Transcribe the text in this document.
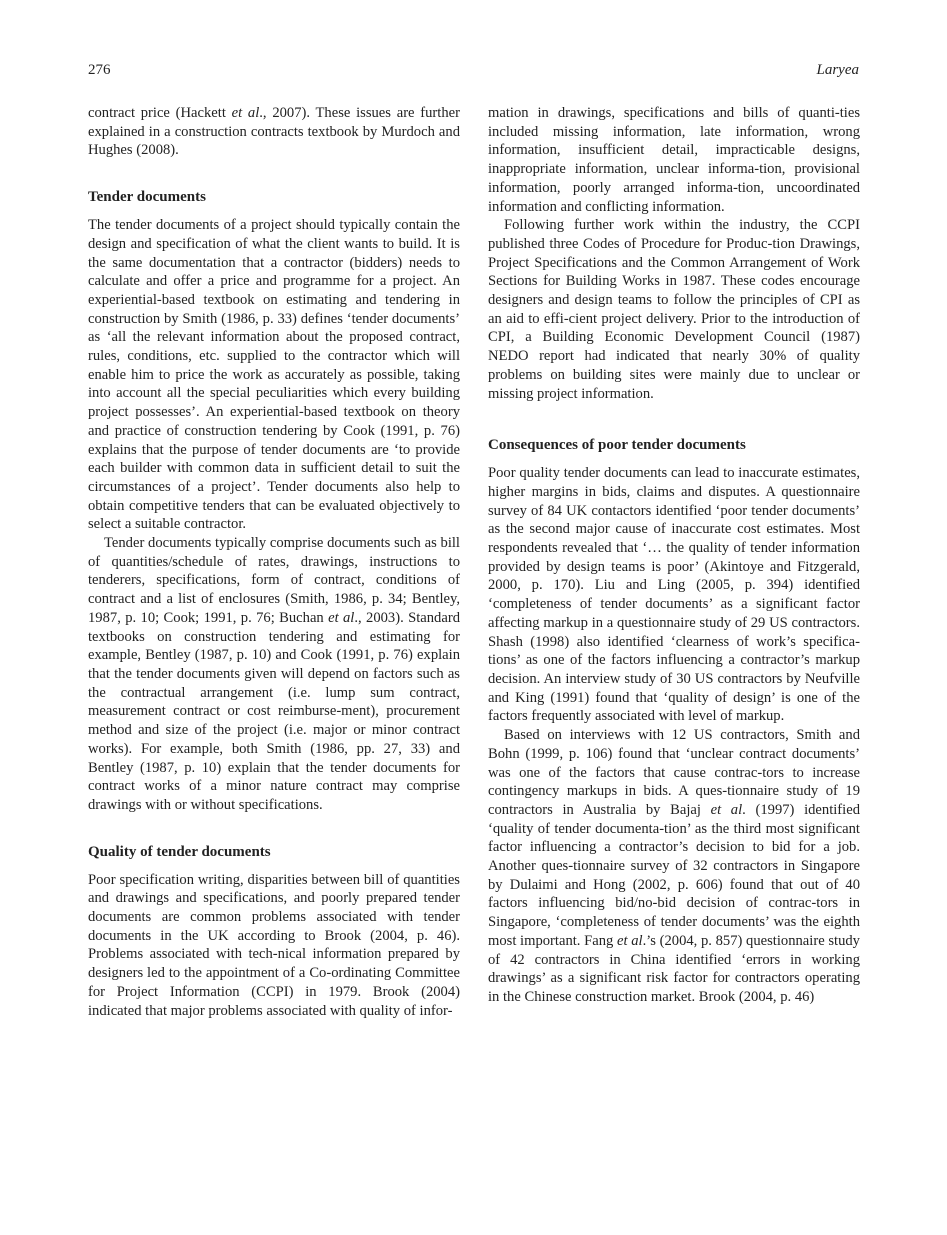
276	Laryea

contract price (Hackett et al., 2007). These issues are further explained in a construction contracts textbook by Murdoch and Hughes (2008).

Tender documents

The tender documents of a project should typically contain the design and specification of what the client wants to build. It is the same documentation that a contractor (bidders) needs to calculate and offer a price and programme for a project. An experiential-based textbook on estimating and tendering in construction by Smith (1986, p. 33) defines ‘tender documents’ as ‘all the relevant information about the proposed contract, rules, conditions, etc. supplied to the contractor which will enable him to price the work as accurately as possible, taking into account all the special peculiarities which every building project possesses’. An experiential-based textbook on theory and practice of construction tendering by Cook (1991, p. 76) explains that the purpose of tender documents are ‘to provide each builder with common data in sufficient detail to suit the circumstances of a project’. Tender documents also help to obtain competitive tenders that can be evaluated objectively to select a suitable contractor.

Tender documents typically comprise documents such as bill of quantities/schedule of rates, drawings, instructions to tenderers, specifications, form of contract, conditions of contract and a list of enclosures (Smith, 1986, p. 34; Bentley, 1987, p. 10; Cook; 1991, p. 76; Buchan et al., 2003). Standard textbooks on construction tendering and estimating for example, Bentley (1987, p. 10) and Cook (1991, p. 76) explain that the tender documents given will depend on factors such as the contractual arrangement (i.e. lump sum contract, measurement contract or cost reimburse-ment), procurement method and size of the project (i.e. major or minor contract works). For example, both Smith (1986, pp. 27, 33) and Bentley (1987, p. 10) explain that the tender documents for contract works of a minor nature contract may comprise drawings with or without specifications.

Quality of tender documents

Poor specification writing, disparities between bill of quantities and drawings and specifications, and poorly prepared tender documents are common problems associated with tender documents in the UK according to Brook (2004, p. 46). Problems associated with tech-nical information prepared by designers led to the appointment of a Co-ordinating Committee for Project Information (CCPI) in 1979. Brook (2004) indicated that major problems associated with quality of infor-

mation in drawings, specifications and bills of quanti-ties included missing information, late information, wrong information, insufficient detail, impracticable designs, inappropriate information, unclear informa-tion, provisional information, poorly arranged informa-tion, uncoordinated information and conflicting information.

Following further work within the industry, the CCPI published three Codes of Procedure for Produc-tion Drawings, Project Specifications and the Common Arrangement of Work Sections for Building Works in 1987. These codes encourage designers and design teams to follow the principles of CPI as an aid to effi-cient project delivery. Prior to the introduction of CPI, a Building Economic Development Council (1987) NEDO report had indicated that nearly 30% of quality problems on building sites were mainly due to unclear or missing project information.

Consequences of poor tender documents

Poor quality tender documents can lead to inaccurate estimates, higher margins in bids, claims and disputes. A questionnaire survey of 84 UK contactors identified ‘poor tender documents’ as the second major cause of inaccurate cost estimates. Most respondents revealed that ‘… the quality of tender information provided by design teams is poor’ (Akintoye and Fitzgerald, 2000, p. 170). Liu and Ling (2005, p. 394) identified ‘completeness of tender documents’ as a significant factor affecting markup in a questionnaire study of 29 US contractors. Shash (1998) also identified ‘clearness of work’s specifica-tions’ as one of the factors influencing a contractor’s markup decision. An interview study of 30 US contractors by Neufville and King (1991) found that ‘quality of design’ is one of the factors frequently associated with level of markup.

Based on interviews with 12 US contractors, Smith and Bohn (1999, p. 106) found that ‘unclear contract documents’ was one of the factors that cause contrac-tors to increase contingency markups in bids. A ques-tionnaire study of 19 contractors in Australia by Bajaj et al. (1997) identified ‘quality of tender documenta-tion’ as the third most significant factor influencing a contractor’s decision to bid for a job. Another ques-tionnaire survey of 32 contractors in Singapore by Dulaimi and Hong (2002, p. 606) found that out of 40 factors influencing bid/no-bid decision of contrac-tors in Singapore, ‘completeness of tender documents’ was the eighth most important. Fang et al.’s (2004, p. 857) questionnaire study of 42 contractors in China identified ‘errors in working drawings’ as a significant risk factor for contractors operating in the Chinese construction market. Brook (2004, p. 46)
